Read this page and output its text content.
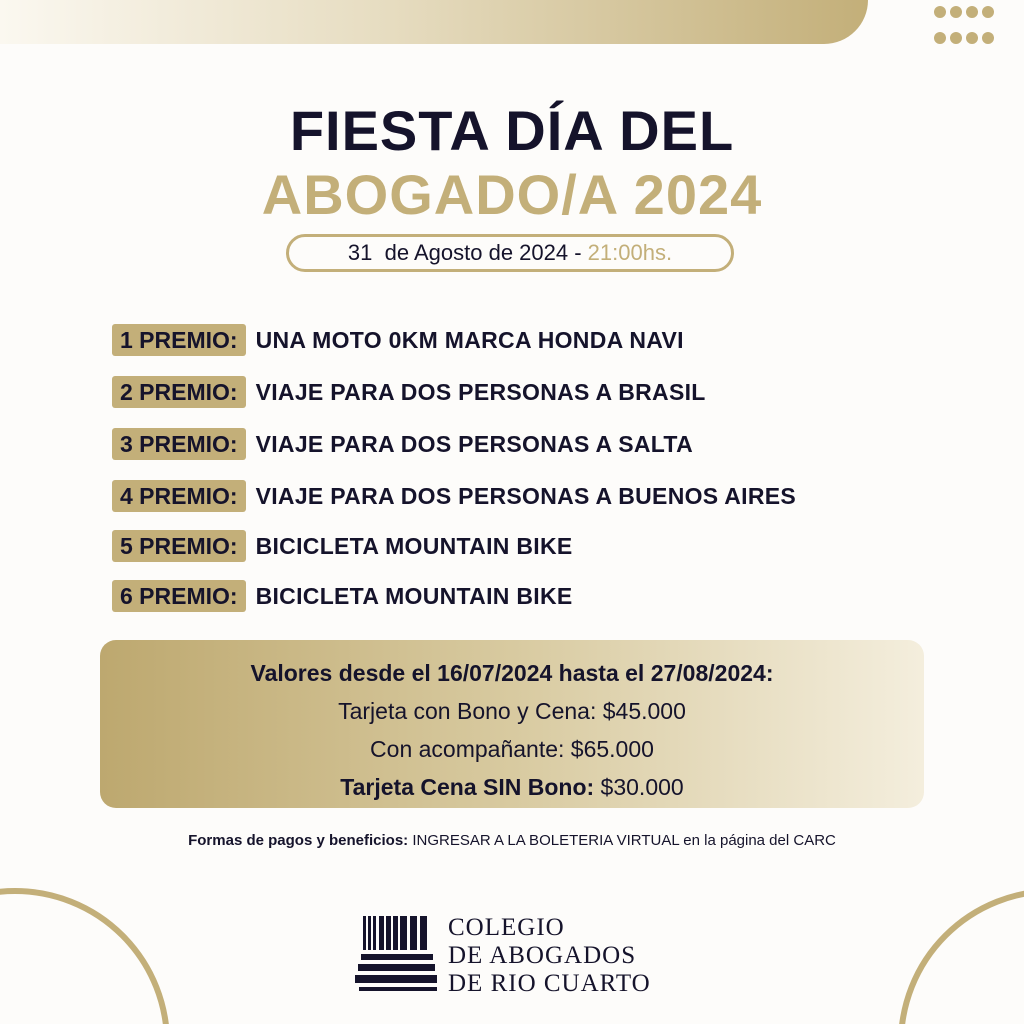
FIESTA DÍA DEL
ABOGADO/A 2024
31  de Agosto de 2024 - 21:00hs.
1 PREMIO: UNA MOTO 0KM MARCA HONDA NAVI
2 PREMIO: VIAJE PARA DOS PERSONAS A BRASIL
3 PREMIO: VIAJE PARA DOS PERSONAS A SALTA
4 PREMIO: VIAJE PARA DOS PERSONAS A BUENOS AIRES
5 PREMIO: BICICLETA MOUNTAIN BIKE
6 PREMIO: BICICLETA MOUNTAIN BIKE
Valores desde el 16/07/2024 hasta el 27/08/2024:
Tarjeta con Bono y Cena: $45.000
Con acompañante: $65.000
Tarjeta Cena SIN Bono: $30.000
Formas de pagos y beneficios: INGRESAR A LA BOLETERIA VIRTUAL en la página del CARC
COLEGIO
DE ABOGADOS
DE RIO CUARTO
